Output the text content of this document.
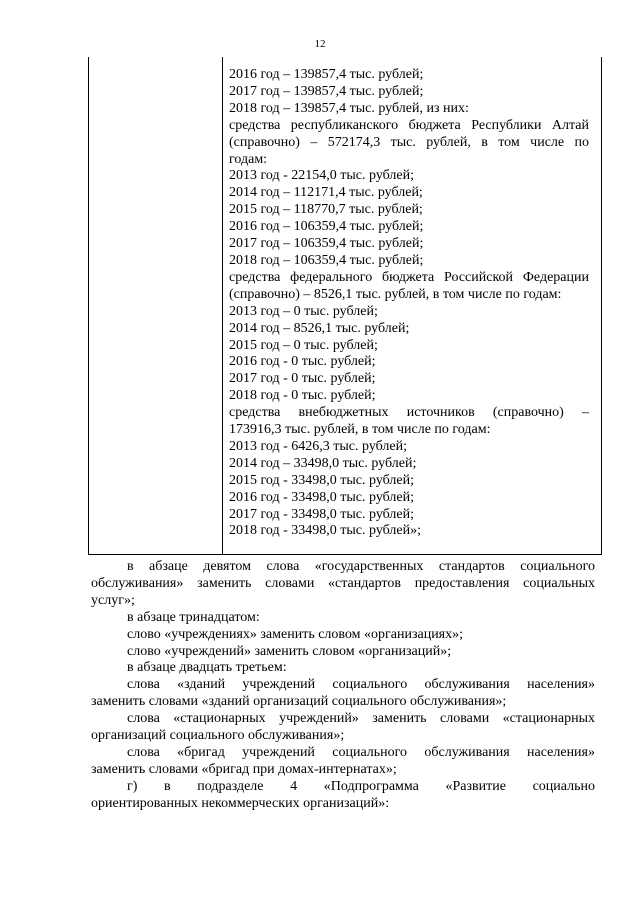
12
2016 год – 139857,4 тыс. рублей;
2017 год – 139857,4 тыс. рублей;
2018 год – 139857,4 тыс. рублей, из них:
средства республиканского бюджета Республики Алтай
(справочно) – 572174,3 тыс. рублей, в том числе по
годам:
2013 год - 22154,0 тыс. рублей;
2014 год – 112171,4 тыс. рублей;
2015 год – 118770,7 тыс. рублей;
2016 год – 106359,4 тыс. рублей;
2017 год – 106359,4 тыс. рублей;
2018 год – 106359,4 тыс. рублей;
средства федерального бюджета Российской Федерации
(справочно) – 8526,1 тыс. рублей, в том числе по годам:
2013 год – 0 тыс. рублей;
2014 год – 8526,1 тыс. рублей;
2015 год – 0 тыс. рублей;
2016 год - 0 тыс. рублей;
2017 год - 0 тыс. рублей;
2018 год - 0 тыс. рублей;
средства внебюджетных источников (справочно) –
173916,3 тыс. рублей, в том числе по годам:
2013 год - 6426,3 тыс. рублей;
2014 год – 33498,0 тыс. рублей;
2015 год - 33498,0 тыс. рублей;
2016 год - 33498,0 тыс. рублей;
2017 год - 33498,0 тыс. рублей;
2018 год - 33498,0 тыс. рублей»;
в абзаце девятом слова «государственных стандартов социального
обслуживания» заменить словами «стандартов предоставления социальных
услуг»;
в абзаце тринадцатом:
слово «учреждениях» заменить словом «организациях»;
слово «учреждений» заменить словом «организаций»;
в абзаце двадцать третьем:
слова «зданий учреждений социального обслуживания населения»
заменить словами «зданий организаций социального обслуживания»;
слова «стационарных учреждений» заменить словами «стационарных
организаций социального обслуживания»;
слова «бригад учреждений социального обслуживания населения»
заменить словами «бригад при домах-интернатах»;
г) в подразделе 4 «Подпрограмма «Развитие социально
ориентированных некоммерческих организаций»:
